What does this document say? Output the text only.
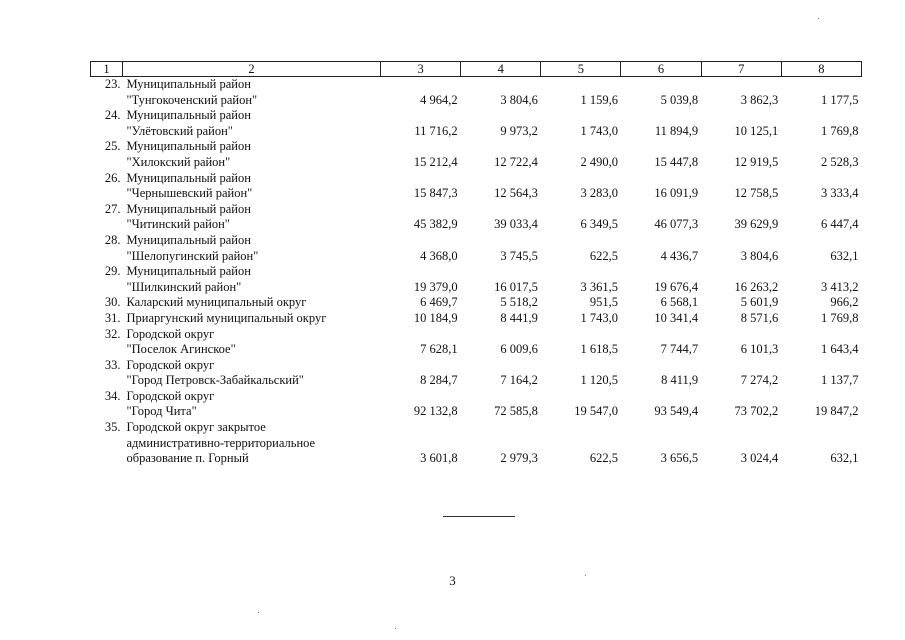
1	2	3	4	5	6	7	8
23.	Муниципальный район
"Тунгокоченский район"	4 964,2	3 804,6	1 159,6	5 039,8	3 862,3	1 177,5
24.	Муниципальный район
"Улётовский район"	11 716,2	9 973,2	1 743,0	11 894,9	10 125,1	1 769,8
25.	Муниципальный район
"Хилокский район"	15 212,4	12 722,4	2 490,0	15 447,8	12 919,5	2 528,3
26.	Муниципальный район
"Чернышевский район"	15 847,3	12 564,3	3 283,0	16 091,9	12 758,5	3 333,4
27.	Муниципальный район
"Читинский район"	45 382,9	39 033,4	6 349,5	46 077,3	39 629,9	6 447,4
28.	Муниципальный район
"Шелопугинский район"	4 368,0	3 745,5	622,5	4 436,7	3 804,6	632,1
29.	Муниципальный район
"Шилкинский район"	19 379,0	16 017,5	3 361,5	19 676,4	16 263,2	3 413,2
30.	Каларский муниципальный округ	6 469,7	5 518,2	951,5	6 568,1	5 601,9	966,2
31.	Приаргунский муниципальный округ	10 184,9	8 441,9	1 743,0	10 341,4	8 571,6	1 769,8
32.	Городской округ
"Поселок Агинское"	7 628,1	6 009,6	1 618,5	7 744,7	6 101,3	1 643,4
33.	Городской округ
"Город Петровск-Забайкальский"	8 284,7	7 164,2	1 120,5	8 411,9	7 274,2	1 137,7
34.	Городской округ
"Город Чита"	92 132,8	72 585,8	19 547,0	93 549,4	73 702,2	19 847,2
35.	Городской округ закрытое
административно-территориальное
образование п. Горный	3 601,8	2 979,3	622,5	3 656,5	3 024,4	632,1
3
